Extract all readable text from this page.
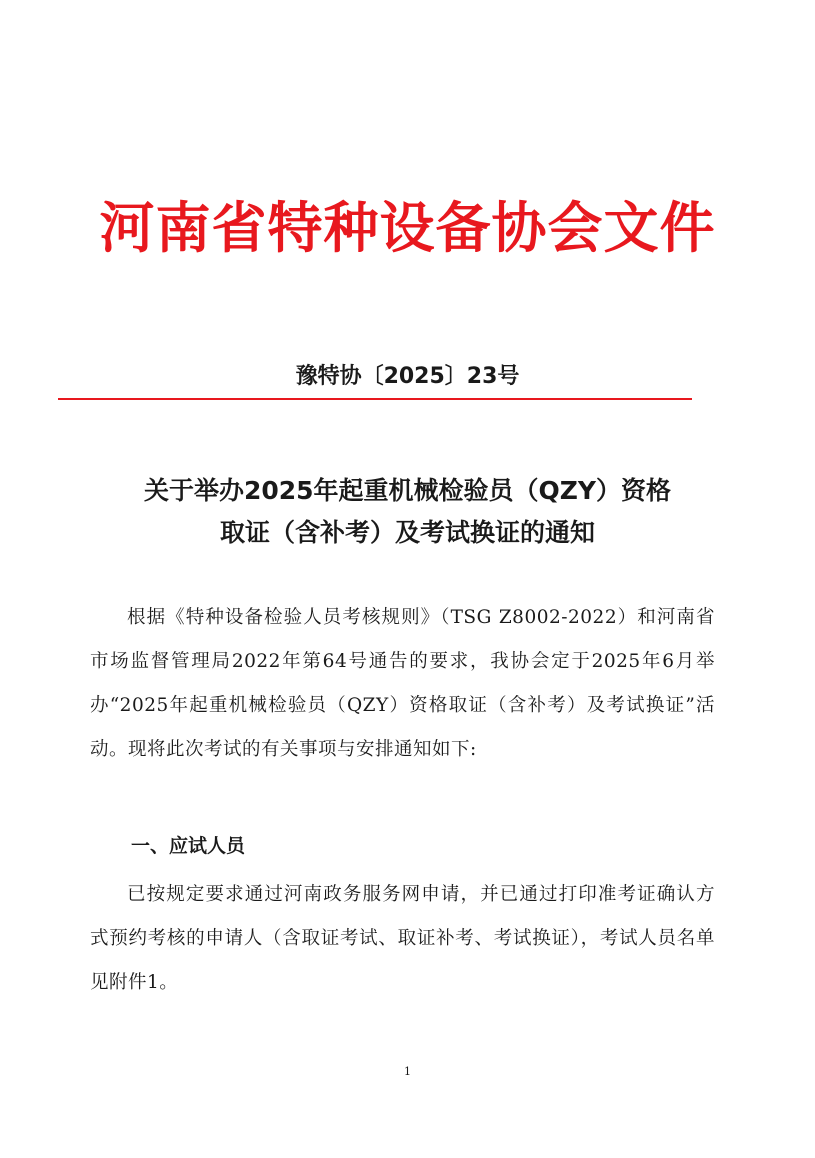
河南省特种设备协会文件
豫特协〔2025〕23号
关于举办2025年起重机械检验员（QZY）资格
取证（含补考）及考试换证的通知
根据《特种设备检验人员考核规则》（TSG Z8002-2022）和河南省市场监督管理局2022年第64号通告的要求，我协会定于2025年6月举办“2025年起重机械检验员（QZY）资格取证（含补考）及考试换证”活动。现将此次考试的有关事项与安排通知如下:
一、应试人员
已按规定要求通过河南政务服务网申请，并已通过打印准考证确认方式预约考核的申请人（含取证考试、取证补考、考试换证），考试人员名单见附件1。
1
